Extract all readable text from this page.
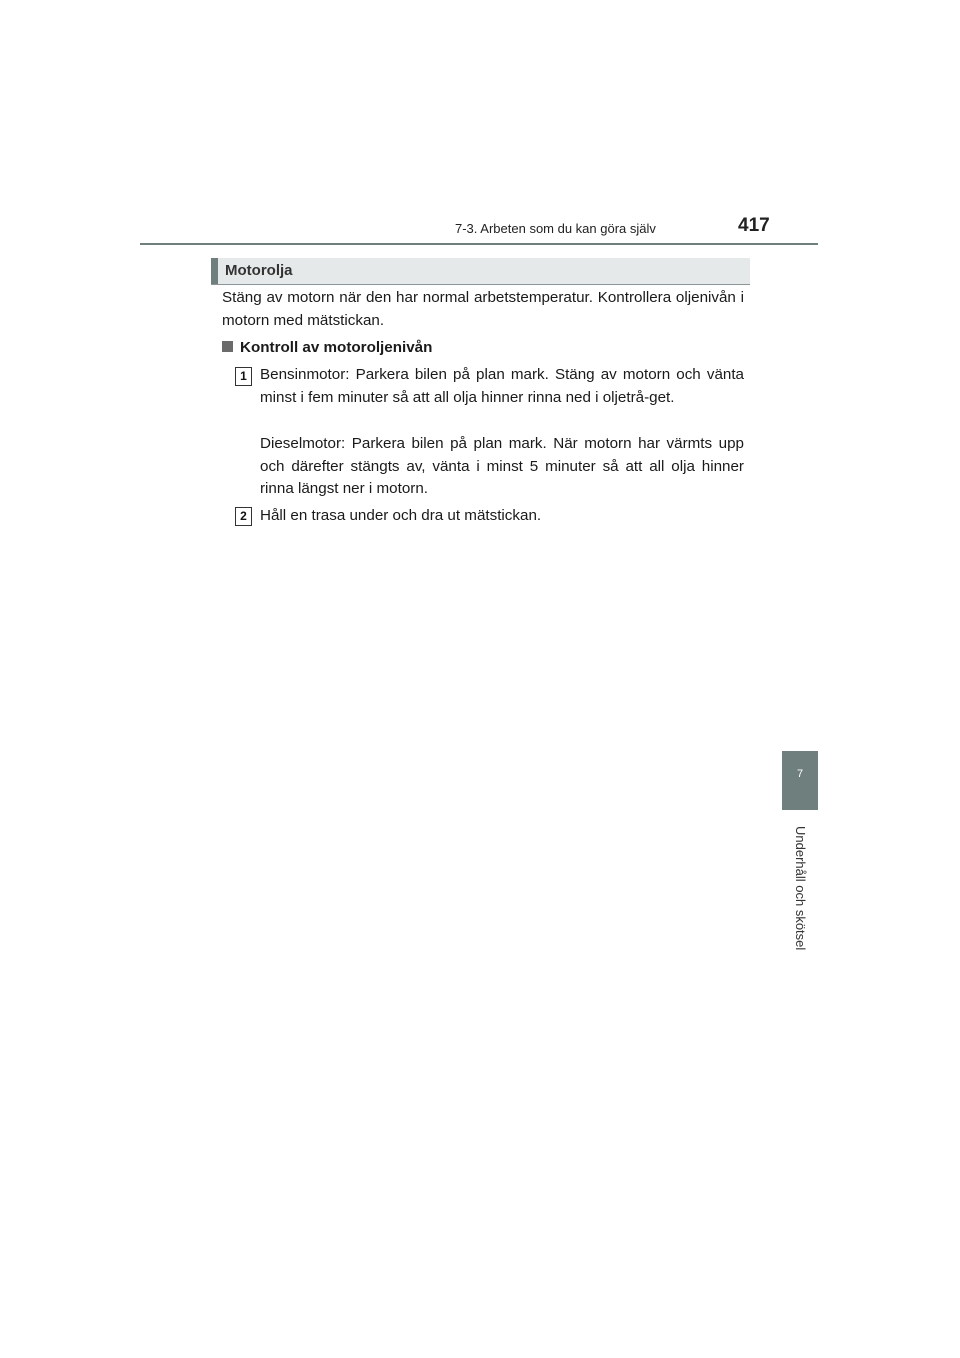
7-3. Arbeten som du kan göra själv	417
7
Underhåll och skötsel
Motorolja
Stäng av motorn när den har normal arbetstemperatur. Kontrollera oljenivån i motorn med mätstickan.
Kontroll av motoroljenivån
1 Bensinmotor: Parkera bilen på plan mark. Stäng av motorn och vänta minst i fem minuter så att all olja hinner rinna ned i oljetrå-get.
Dieselmotor: Parkera bilen på plan mark. När motorn har värmts upp och därefter stängts av, vänta i minst 5 minuter så att all olja hinner rinna längst ner i motorn.
2 Håll en trasa under och dra ut mätstickan.
